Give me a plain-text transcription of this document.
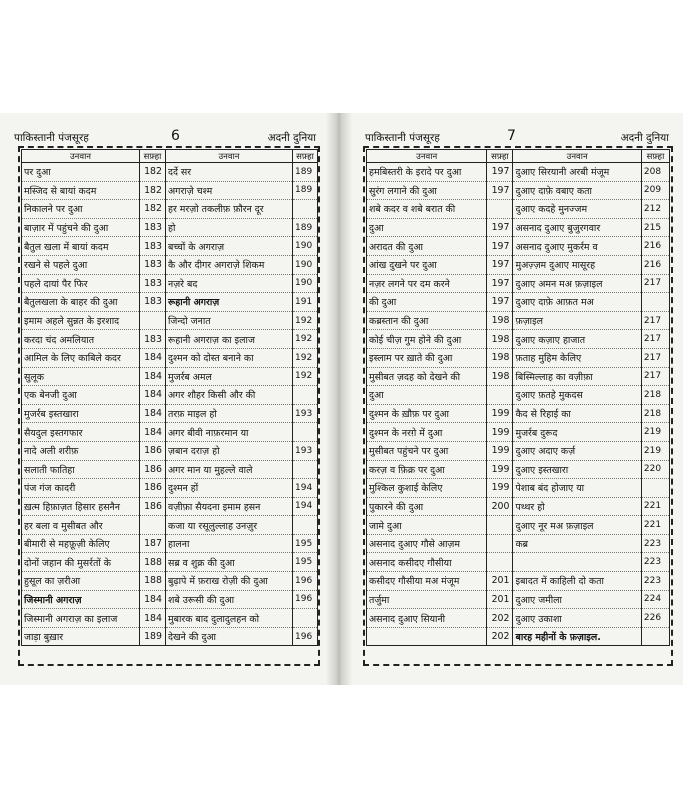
पाकिस्तानी पंजसूरह	6	अदनी दुनिया
उनवान	सफ़्हा	उनवान	सफ़्हा
पर दुआ	182	दर्दे सर	189
मस्जिद से बायां कदम	182	अगराज़े चश्म	189
निकालने पर दुआ	182	हर मरज़ो तकलीफ़ फ़ौरन दूर	
बाज़ार में पहुंचने की दुआ	183	हो	189
बैतुल खला में बायां कदम	183	बच्चों के अगराज़	190
रखने से पहले दुआ	183	कै और दीगर अगराज़े शिकम	190
पहले दायां पैर फिर	183	नज़रे बद	190
बैतुलखला के बाहर की दुआ	183	रूहानी अगराज़	191
इमाम अहले सुन्नत के इरशाद		जिन्दो जनात	192
करदा चंद अमलियात	183	रूहानी अगराज़ का इलाज	192
आमिल के लिए काबिले कदर	184	दुश्मन को दोस्त बनाने का	192
सुलूक	184	मुजर्रब अमल	192
एक बेनजी दुआ	184	अगर शौहर किसी और की	
मुजर्रब इस्तखारा	184	तरफ़ माइल हो	193
सैयदुल इस्तगफार	184	अगर बीवी नाफ़रमान या	
नादे अली शरीफ़	186	ज़बान दराज़ हो	193
सलाती फातिहा	186	अगर मान या मुहल्ले वाले	
पंज गंज कादरी	186	दुश्मन हों	194
ख़त्म हिफ़ाज़त हिसार हसनैन	186	वज़ीफ़ा सैयदना इमाम हसन	194
हर बला व मुसीबत और		कजा या रसूलुल्लाह उनज़ुर	
बीमारी से महफ़ूज़ी केलिए	187	हालना	195
दोनों जहान की मुसर्रतों के	188	सब्र व शुक्र की दुआ	195
हुसूल का ज़रीआ	188	बुढ़ापे में फ़राख रोज़ी की दुआ	196
जिस्मानी अगराज़	184	शबे उरूसी की दुआ	196
जिस्मानी अगराज़ का इलाज	184	मुबारक बाद दुलादुलहन को	
जाड़ा बुख़ार	189	देखने की दुआ	196
पाकिस्तानी पंजसूरह	7	अदनी दुनिया
उनवान	सफ़्हा	उनवान	सफ़्हा
हमबिस्तरी के इरादे पर दुआ	197	दुआए सिरयानी अरबी मंजूम	208
सुरंग लगाने की दुआ	197	दुआए दाफ़े वबाए कता	209
शबे कदर व शबे बरात की		दुआए कदहे मुनज्जम	212
दुआ	197	असनाद दुआए बुजुरगवार	215
अरादत की दुआ	197	असनाद दुआए मुकर्रम व	216
आंख दुखने पर दुआ	197	मुअज़्ज़म दुआए मासूरह	216
नज़र लगने पर दम करने	197	दुआए अमन मअ फ़ज़ाइल	217
की दुआ	197	दुआए दाफ़े आफ़त मअ	
कब्रस्तान की दुआ	198	फ़ज़ाइल	217
कोई चीज़ गुम होने की दुआ	198	दुआए कज़ाए हाजात	217
इस्लाम पर ख़ाते की दुआ	198	फ़ताह मुहिम केलिए	217
मुसीबत ज़दह को देखने की	198	बिस्मिल्लाह का वज़ीफ़ा	217
दुआ		दुआए फ़तहे मुकदस	218
दुश्मन के ख़ौफ़ पर दुआ	199	कैद से रिहाई का	218
दुश्मन के नरग़े में दुआ	199	मुजर्रब दुरूद	219
मुसीबत पहुंचने पर दुआ	199	दुआए अदाए कर्ज़	219
करज़ व फ़िक्र पर दुआ	199	दुआए इस्तखारा	220
मुश्किल कुशाई केलिए	199	पेशाब बंद होजाए या	
पुकारने की दुआ	200	पथ्थर हो	221
जामे दुआ		दुआए नूर मअ फ़ज़ाइल	221
असनाद दुआए गौसे आज़म		कब्र	223
असनाद कसीदए गौसीया			223
कसीदए गौसीया मअ मंजूम	201	इबादत में काहिली दो कता	223
तर्जुमा	201	दुआए जमीला	224
असनाद दुआए सियानी	202	दुआए उकाशा	226
	202	बारह महीनों के फ़ज़ाइल.	
